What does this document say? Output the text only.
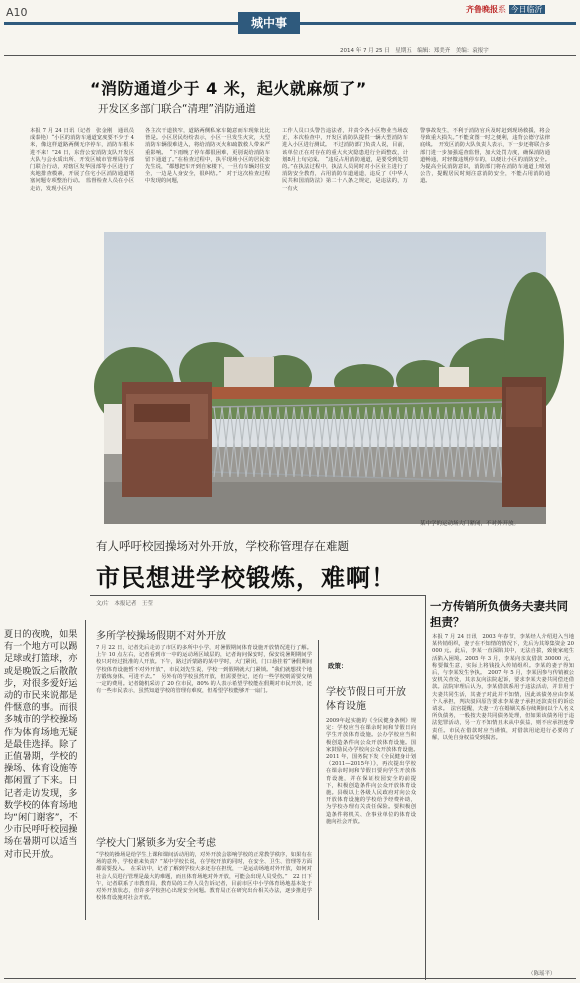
A10
城中事
齐鲁晚报系 今日临沂
2014 年 7 月 25 日　星期五　编辑：郑美齐　美编：袁报宇
“消防通道少于 4 米，起火就麻烦了”
开发区多部门联合“清理”消防通道
本报 7 月 24 日讯（记者　张金刚　通讯员　成泰艳）“小区的消防车通道宽度要不少于 4 米，像这样道路两侧无序停车，消防车根本进不来！”24 日，东营公安消防支队开发区大队与会水质出所、开发区城市管理局等部门联合行动，对辖区发华园部等小区进行了夹地排查模素，开展了住宅小区消防通道堵塞问题专项整治行动。　监督检查人员在小区走访，发现小区内
各主次干道狭窄，道路两侧私家车随意而车现象比比皆是。小区居民纷纷表示，小区一旦发生火灾，大型消防车辆很难进入，将给消防灭火和疏散救人带来严重影响。　“下雨晚了停车都很困难，更别说给消防车留下通道了。”在检查过程中，执平现场小区的居民张先生说，“都想把车开到自家楼下，一旦有车辆封住安全，一边是人身安全，很纠结。”　对于这次检查过程中发现的问题，
工作人员口头警告违法者，并责令各小区物业当场改正，本次检查中，开发区消防队提供一辆大型消防车进入小区进行测试。　不过消防部门负责人说，目前，该单位正在对存在的重大火灾隐患进行全面整改，计划8月上旬完成。　“违反占用消防通道，是要受到处罚的。”在执法过程中，执法人员同时对小区业主进行了消防安全教育，占用消防车道通道，违反了《中华人民共和国消防法》第二十八条之规定，是违法的，万一有火
警事故发生，不利于消防官兵及时赶到现场救援，将会导致重大损失。”不能贪图一时之便利，违背公德守法律底线。　开发区消防大队负责人表示，下一步还将联合多部门进一步加强巡查监督，加大处罚力度，确保消防通道畅通，对轻微违规停车的，以便让小区的消防安全。为提高全民消防意识，消防部门将在消防车通道上喷划公告，提醒居民时刻注意消防安全，不能占用消防通道。
某中学的运动场大门紧闭，不对外开放。
有人呼吁校园操场对外开放，学校称管理存在难题
市民想进学校锻炼，难啊！
文/片　本报记者　王莹
夏日的夜晚，如果有一个地方可以踢足球或打篮球，亦或是晚饭之后散散步，对很多爱好运动的市民来说都是件惬意的事。而很多城市的学校操场作为体育场地无疑是最佳选择。除了正值暑期，学校的操场、体育设施等都闲置了下来。日记者走访发现，多数学校的体育场地均“闲门谢客”，不少市民呼吁校园操场在暑期可以适当对市民开放。
多所学校操场假期不对外开放
7 月 22 日，记者先后走访了市区的多所中小学，对暑假期间体育设施开放情况进行了解。上午 10 点左右，记者看到市一中的运动场区域层的，记者询问保安时，保安说暑期期间学校只对经过批准的人开放。下午，路过沂蒙路的某中学时，大门紧闭，门口悬挂着“暑假期间学校体育设施暂不对外开放”，市民刘先生说，学校一到假期就大门紧锁。“我们就想找个地方锻炼身体，可进不去。”　另外有的学校虽然开放，但需要登记，还有一些学校则需要交纳一定的费用。记者随机采访了 20 位市民，80% 的人表示希望学校能在假期对市民开放，还有一些市民表示，虽然知道学校的管理有难度，但希望学校能够开一扇门。
学校大门紧锁多为安全考虑
“学校的操场是给学生上课和课间活动用的，对外开放会影响学校的正常教学秩序，如果有在场的意外，学校谁来负责？”某中学校长说，在学校开放的同时，在安全、卫生、管理等方面都需要投入。　在采访中，记者了解到学校大多还存在担忧，一是运动场地对外开放，如何对社会人员进行管理是最大的难题，而且体育场地对外开放，可能会出现人员受伤。”　22 日下午，记者联系了市教育局，教育局的工作人员告诉记者，目前市区中小学体育场地基本处于对外开放状态，但许多学校担心出现安全问题。教育局正在研究出台相关办法，逐步推进学校体育设施对社会开放。
政策：
学校节假日可开放体育设施
2009年起实施的《全民健身条例》规定：学校应当在课余时间和节假日向学生开放体育设施。公办学校应当积极创造条件向公众开放体育设施。国家鼓励民办学校向公众开放体育设施。　2011 年，国务院下发《全民健身计划（2011—2015年）》，再次提出学校在课余时间和节假日要向学生开放体育设施，并在保证校园安全的前提下，积极创造条件向公众开放体育设施。县级以上各级人民政府对向公众开放体育设施的学校给予经费补助，为学校办理有关责任保险。要积极创造条件将机关、企事业单位的体育设施向社会开放。
一方传销所负债务夫妻共同担责？
本报 7 月 24 日讯　2003 年春节，李某经人介绍进入当地某传销组织，妻子在不知情的情况下，先后为其筹集资金 20000 元。此后，李某一直深陷其中，无法自拔，致使家庭生活陷入困境。2005 年 3 月，李某向亲友借款 30000 元，称要做生意，实际上将钱投入传销组织。李某的妻子得知后，与李某发生争执。　2007 年 5 月，李某因参与传销被公安机关查处，其亲友向法院起诉，要求李某夫妻共同偿还借款。法院审理后认为，李某借款系用于违法活动，并非用于夫妻共同生活，其妻子对此并不知情，因此该债务应由李某个人承担，判决驳回原告要求李某妻子承担还款责任的诉讼请求。　法官提醒，夫妻一方在婚姻关系存续期间以个人名义所负债务，一般按夫妻共同债务处理，但如果该债务用于违法犯罪活动，另一方不知情且未从中获益，则不应承担连带责任。市民在借款时应当谨慎，对借款用途进行必要的了解，以免自身权益受到损害。
（陈瑶平）
